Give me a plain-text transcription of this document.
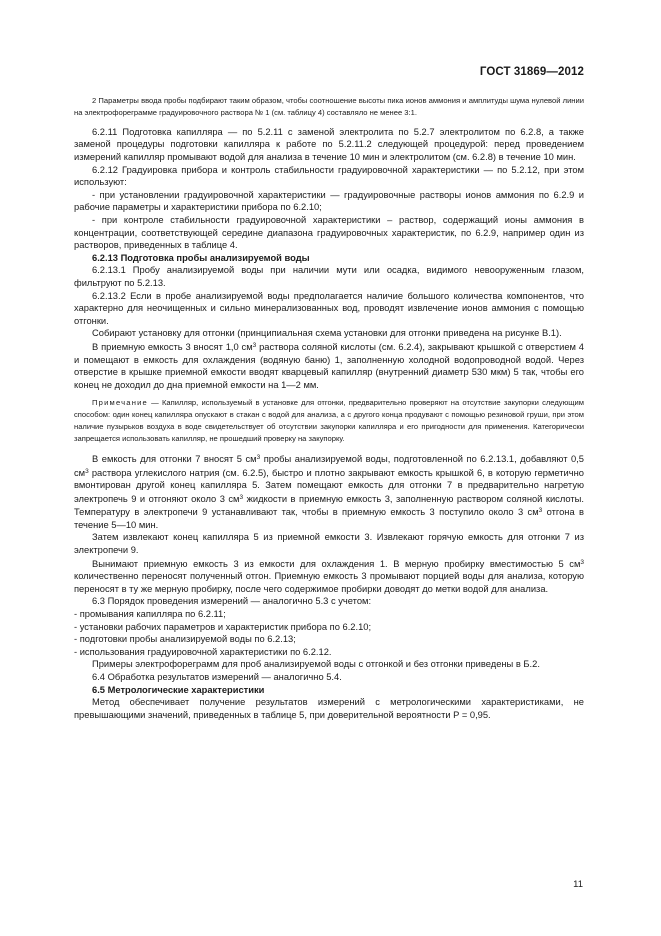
ГОСТ 31869—2012

2 Параметры ввода пробы подбирают таким образом, чтобы соотношение высоты пика ионов аммония и амплитуды шума нулевой линии на электрофореграмме градуировочного раствора № 1 (см. таблицу 4) составляло не менее 3:1.

6.2.11 Подготовка капилляра — по 5.2.11 с заменой электролита по 5.2.7 электролитом по 6.2.8, а также заменой процедуры подготовки капилляра к работе по 5.2.11.2 следующей процедурой: перед проведением измерений капилляр промывают водой для анализа в течение 10 мин и электролитом (см. 6.2.8) в течение 10 мин.

6.2.12 Градуировка прибора и контроль стабильности градуировочной характеристики — по 5.2.12, при этом используют:

- при установлении градуировочной характеристики — градуировочные растворы ионов аммония по 6.2.9 и рабочие параметры и характеристики прибора по 6.2.10;

- при контроле стабильности градуировочной характеристики – раствор, содержащий ионы аммония в концентрации, соответствующей середине диапазона градуировочных характеристик, по 6.2.9, например один из растворов, приведенных в таблице 4.

6.2.13 Подготовка пробы анализируемой воды

6.2.13.1 Пробу анализируемой воды при наличии мути или осадка, видимого невооруженным глазом, фильтруют по 5.2.13.

6.2.13.2 Если в пробе анализируемой воды предполагается наличие большого количества компонентов, что характерно для неочищенных и сильно минерализованных вод, проводят извлечение ионов аммония с помощью отгонки.

Собирают установку для отгонки (принципиальная схема установки для отгонки приведена на рисунке В.1).

В приемную емкость 3 вносят 1,0 $см^3$ раствора соляной кислоты (см. 6.2.4), закрывают крышкой с отверстием 4 и помещают в емкость для охлаждения (водяную баню) 1, заполненную холодной водопроводной водой. Через отверстие в крышке приемной емкости вводят кварцевый капилляр (внутренний диаметр 530 мкм) 5 так, чтобы его конец не доходил до дна приемной емкости на 1—2 мм.

Примечание — Капилляр, используемый в установке для отгонки, предварительно проверяют на отсутствие закупорки следующим способом: один конец капилляра опускают в стакан с водой для анализа, а с другого конца продувают с помощью резиновой груши, при этом наличие пузырьков воздуха в воде свидетельствует об отсутствии закупорки капилляра и его пригодности для применения. Категорически запрещается использовать капилляр, не прошедший проверку на закупорку.

В емкость для отгонки 7 вносят 5 $см^3$ пробы анализируемой воды, подготовленной по 6.2.13.1, добавляют 0,5 $см^3$ раствора углекислого натрия (см. 6.2.5), быстро и плотно закрывают емкость крышкой 6, в которую герметично вмонтирован другой конец капилляра 5. Затем помещают емкость для отгонки 7 в предварительно нагретую электропечь 9 и отгоняют около 3 $см^3$ жидкости в приемную емкость 3, заполненную раствором соляной кислоты. Температуру в электропечи 9 устанавливают так, чтобы в приемную емкость 3 поступило около 3 $см^3$ отгона в течение 5—10 мин.

Затем извлекают конец капилляра 5 из приемной емкости 3. Извлекают горячую емкость для отгонки 7 из электропечи 9.

Вынимают приемную емкость 3 из емкости для охлаждения 1. В мерную пробирку вместимостью 5 $см^3$ количественно переносят полученный отгон. Приемную емкость 3 промывают порцией воды для анализа, которую переносят в ту же мерную пробирку, после чего содержимое пробирки доводят до метки водой для анализа.

6.3 Порядок проведения измерений — аналогично 5.3 с учетом:

- промывания капилляра по 6.2.11;

- установки рабочих параметров и характеристик прибора по 6.2.10;

- подготовки пробы анализируемой воды по 6.2.13;

- использования градуировочной характеристики по 6.2.12.

Примеры электрофореграмм для проб анализируемой воды с отгонкой и без отгонки приведены в Б.2.

6.4 Обработка результатов измерений — аналогично 5.4.

6.5 Метрологические характеристики

Метод обеспечивает получение результатов измерений с метрологическими характеристиками, не превышающими значений, приведенных в таблице 5, при доверительной вероятности P = 0,95.

11
